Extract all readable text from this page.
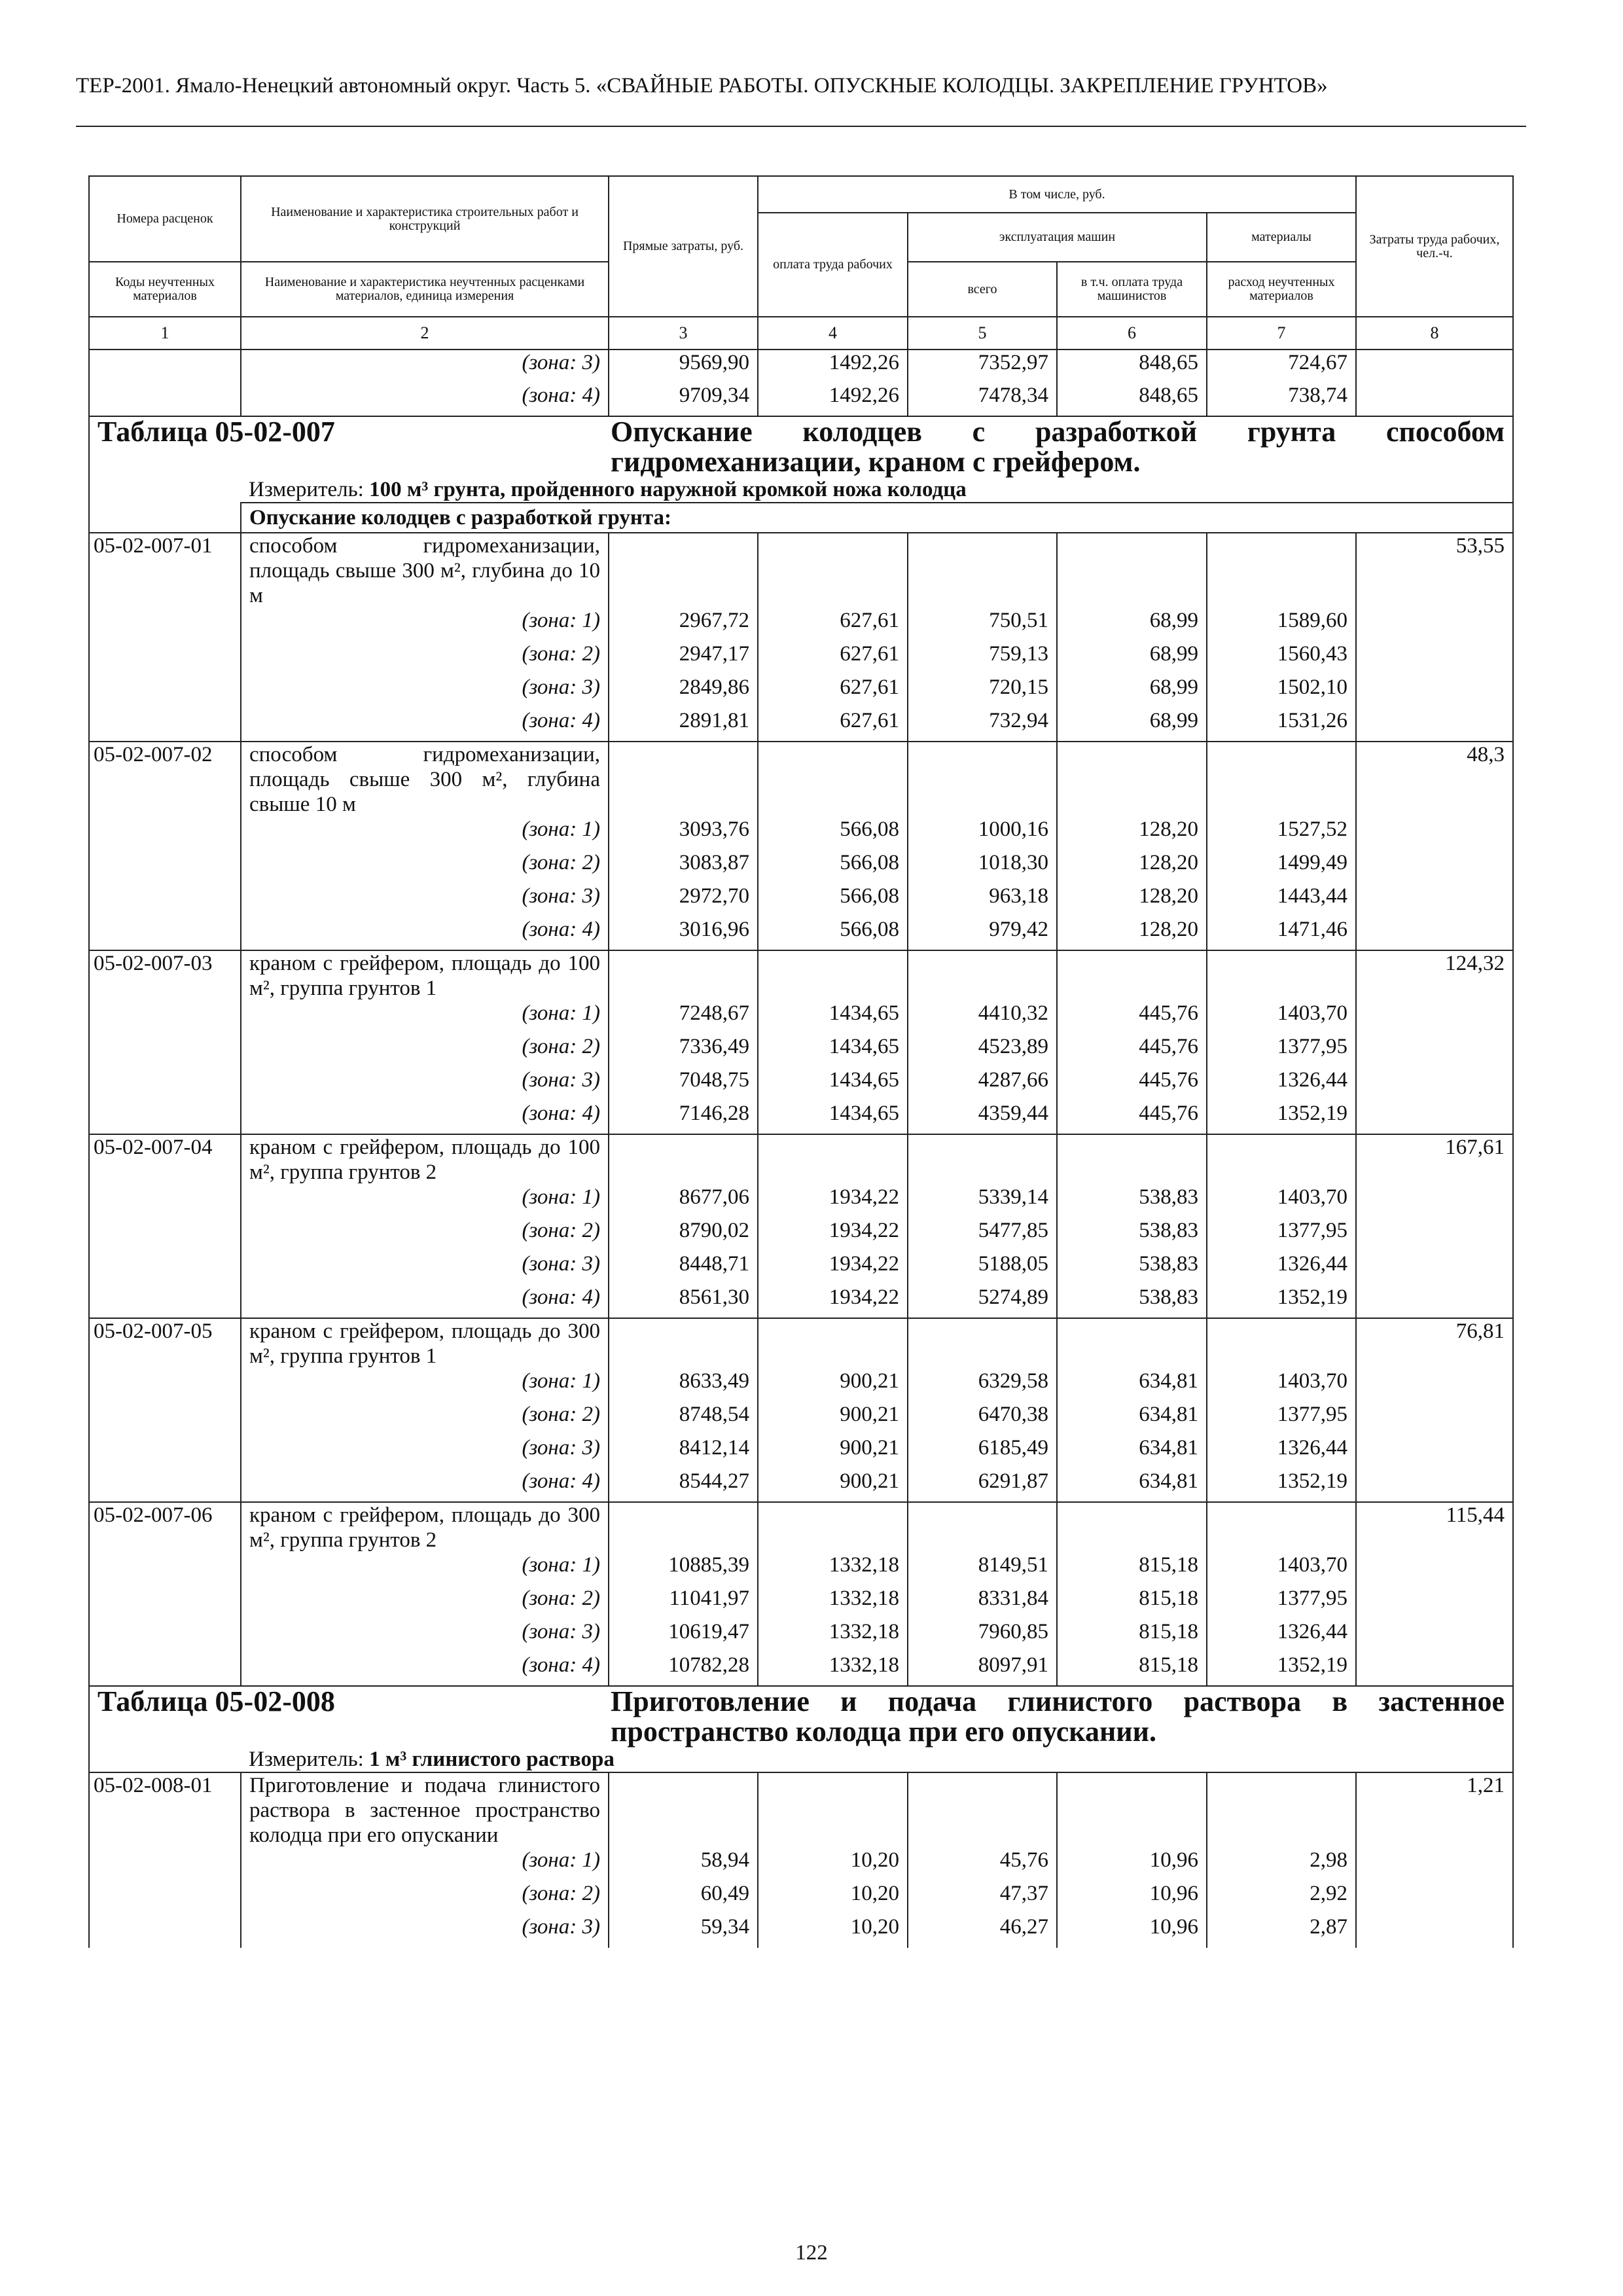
ТЕР-2001. Ямало-Ненецкий автономный округ. Часть 5. «СВАЙНЫЕ РАБОТЫ. ОПУСКНЫЕ КОЛОДЦЫ. ЗАКРЕПЛЕНИЕ ГРУНТОВ»
Номера расценок	Наименование и характеристика строительных работ и конструкций	Прямые затраты, руб.	В том числе, руб.				Затраты труда рабочих, чел.-ч.
			оплата труда рабочих	эксплуатация машин		материалы	
Коды неучтенных материалов	Наименование и характеристика неучтенных расценками материалов, единица измерения			всего	в т.ч. оплата труда машинистов	расход неучтенных материалов	
1	2	3	4	5	6	7	8
	(зона: 3)	9569,90	1492,26	7352,97	848,65	724,67	
	(зона: 4)	9709,34	1492,26	7478,34	848,65	738,74	

Таблица 05-02-007 Опускание колодцев с разработкой грунта способом гидромеханизации, краном с грейфером.							

	Измеритель: 100 м³ грунта, пройденного наружной кромкой ножа колодца						
	Опускание колодцев с разработкой грунта:						
05-02-007-01	способом гидромеханизации, площадь свыше 300 м², глубина до 10 м						53,55
	(зона: 1)	2967,72	627,61	750,51	68,99	1589,60	
	(зона: 2)	2947,17	627,61	759,13	68,99	1560,43	
	(зона: 3)	2849,86	627,61	720,15	68,99	1502,10	
	(зона: 4)	2891,81	627,61	732,94	68,99	1531,26	
05-02-007-02	способом гидромеханизации, площадь свыше 300 м², глубина свыше 10 м						48,3
	(зона: 1)	3093,76	566,08	1000,16	128,20	1527,52	
	(зона: 2)	3083,87	566,08	1018,30	128,20	1499,49	
	(зона: 3)	2972,70	566,08	963,18	128,20	1443,44	
	(зона: 4)	3016,96	566,08	979,42	128,20	1471,46	
05-02-007-03	краном с грейфером, площадь до 100 м², группа грунтов 1						124,32
	(зона: 1)	7248,67	1434,65	4410,32	445,76	1403,70	
	(зона: 2)	7336,49	1434,65	4523,89	445,76	1377,95	
	(зона: 3)	7048,75	1434,65	4287,66	445,76	1326,44	
	(зона: 4)	7146,28	1434,65	4359,44	445,76	1352,19	
05-02-007-04	краном с грейфером, площадь до 100 м², группа грунтов 2						167,61
	(зона: 1)	8677,06	1934,22	5339,14	538,83	1403,70	
	(зона: 2)	8790,02	1934,22	5477,85	538,83	1377,95	
	(зона: 3)	8448,71	1934,22	5188,05	538,83	1326,44	
	(зона: 4)	8561,30	1934,22	5274,89	538,83	1352,19	
05-02-007-05	краном с грейфером, площадь до 300 м², группа грунтов 1						76,81
	(зона: 1)	8633,49	900,21	6329,58	634,81	1403,70	
	(зона: 2)	8748,54	900,21	6470,38	634,81	1377,95	
	(зона: 3)	8412,14	900,21	6185,49	634,81	1326,44	
	(зона: 4)	8544,27	900,21	6291,87	634,81	1352,19	
05-02-007-06	краном с грейфером, площадь до 300 м², группа грунтов 2						115,44
	(зона: 1)	10885,39	1332,18	8149,51	815,18	1403,70	
	(зона: 2)	11041,97	1332,18	8331,84	815,18	1377,95	
	(зона: 3)	10619,47	1332,18	7960,85	815,18	1326,44	
	(зона: 4)	10782,28	1332,18	8097,91	815,18	1352,19	

Таблица 05-02-008 Приготовление и подача глинистого раствора в застенное пространство колодца при его опускании.							

	Измеритель: 1 м³ глинистого раствора						
05-02-008-01	Приготовление и подача глинистого раствора в застенное пространство колодца при его опускании						1,21
	(зона: 1)	58,94	10,20	45,76	10,96	2,98	
	(зона: 2)	60,49	10,20	47,37	10,96	2,92	
	(зона: 3)	59,34	10,20	46,27	10,96	2,87	
122
